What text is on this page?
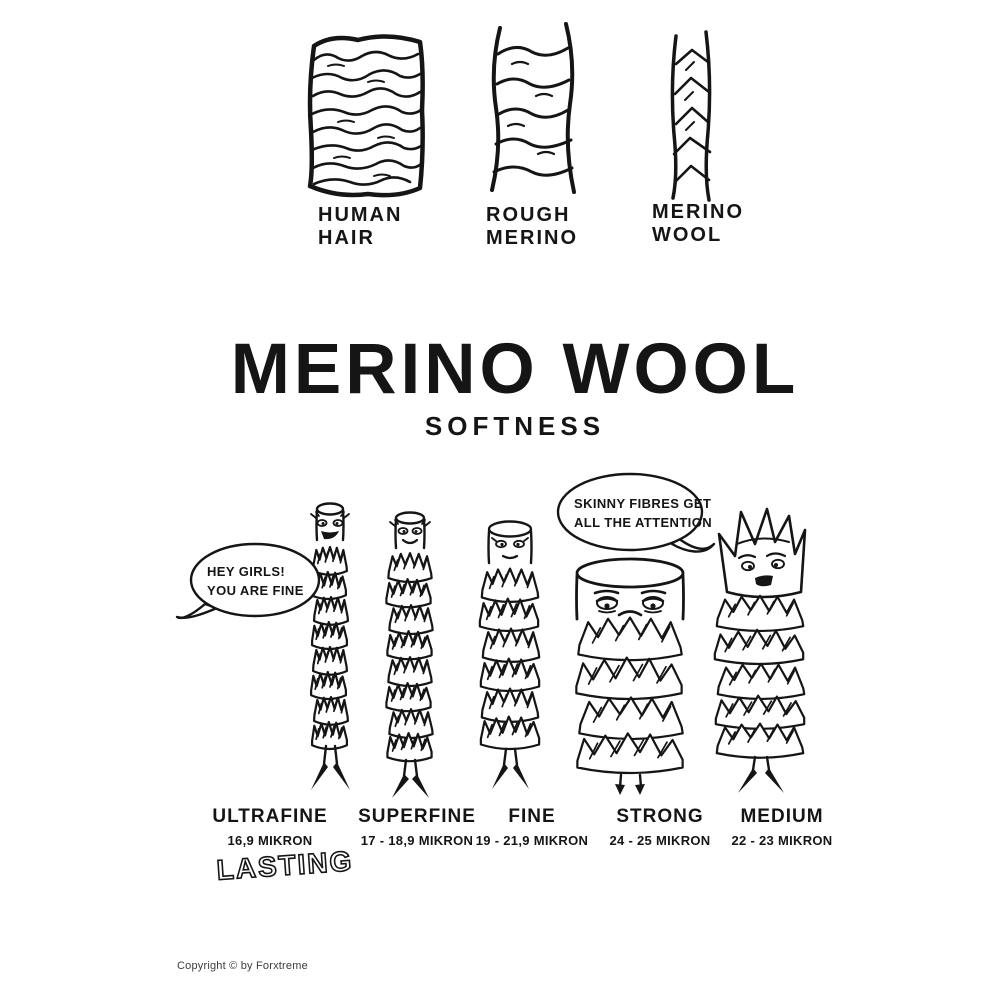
HUMAN
HAIR
ROUGH
MERINO
MERINO
WOOL
MERINO WOOL
SOFTNESS
HEY GIRLS!
YOU ARE FINE
SKINNY FIBRES GET
ALL THE ATTENTION
ULTRAFINE
16,9 MIKRON
SUPERFINE
17 - 18,9 MIKRON
FINE
19 - 21,9 MIKRON
STRONG
24 - 25 MIKRON
MEDIUM
22 - 23 MIKRON
LASTING
Copyright © by Forxtreme
